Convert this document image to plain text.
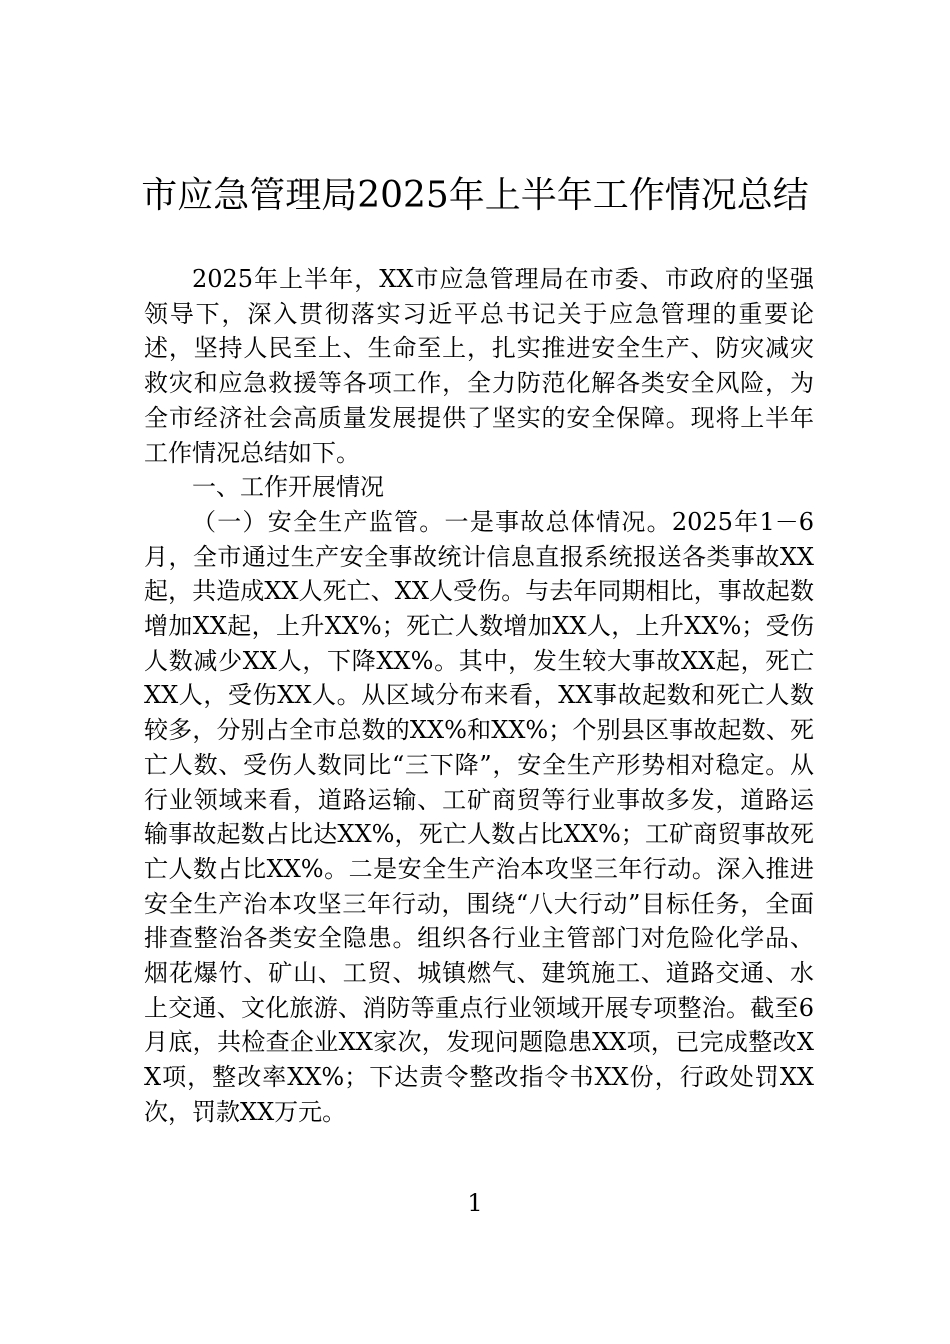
市应急管理局2025年上半年工作情况总结

2025年上半年，XX市应急管理局在市委、市政府的坚强领导下，深入贯彻落实习近平总书记关于应急管理的重要论述，坚持人民至上、生命至上，扎实推进安全生产、防灾减灾救灾和应急救援等各项工作，全力防范化解各类安全风险，为全市经济社会高质量发展提供了坚实的安全保障。现将上半年工作情况总结如下。

一、工作开展情况

（一）安全生产监管。一是事故总体情况。2025年1－6月，全市通过生产安全事故统计信息直报系统报送各类事故XX起，共造成XX人死亡、XX人受伤。与去年同期相比，事故起数增加XX起，上升XX%；死亡人数增加XX人，上升XX%；受伤人数减少XX人，下降XX%。其中，发生较大事故XX起，死亡XX人，受伤XX人。从区域分布来看，XX事故起数和死亡人数较多，分别占全市总数的XX%和XX%；个别县区事故起数、死亡人数、受伤人数同比“三下降”，安全生产形势相对稳定。从行业领域来看，道路运输、工矿商贸等行业事故多发，道路运输事故起数占比达XX%，死亡人数占比XX%；工矿商贸事故死亡人数占比XX%。二是安全生产治本攻坚三年行动。深入推进安全生产治本攻坚三年行动，围绕“八大行动”目标任务，全面排查整治各类安全隐患。组织各行业主管部门对危险化学品、烟花爆竹、矿山、工贸、城镇燃气、建筑施工、道路交通、水上交通、文化旅游、消防等重点行业领域开展专项整治。截至6月底，共检查企业XX家次，发现问题隐患XX项，已完成整改XX项，整改率XX%；下达责令整改指令书XX份，行政处罚XX次，罚款XX万元。

1
